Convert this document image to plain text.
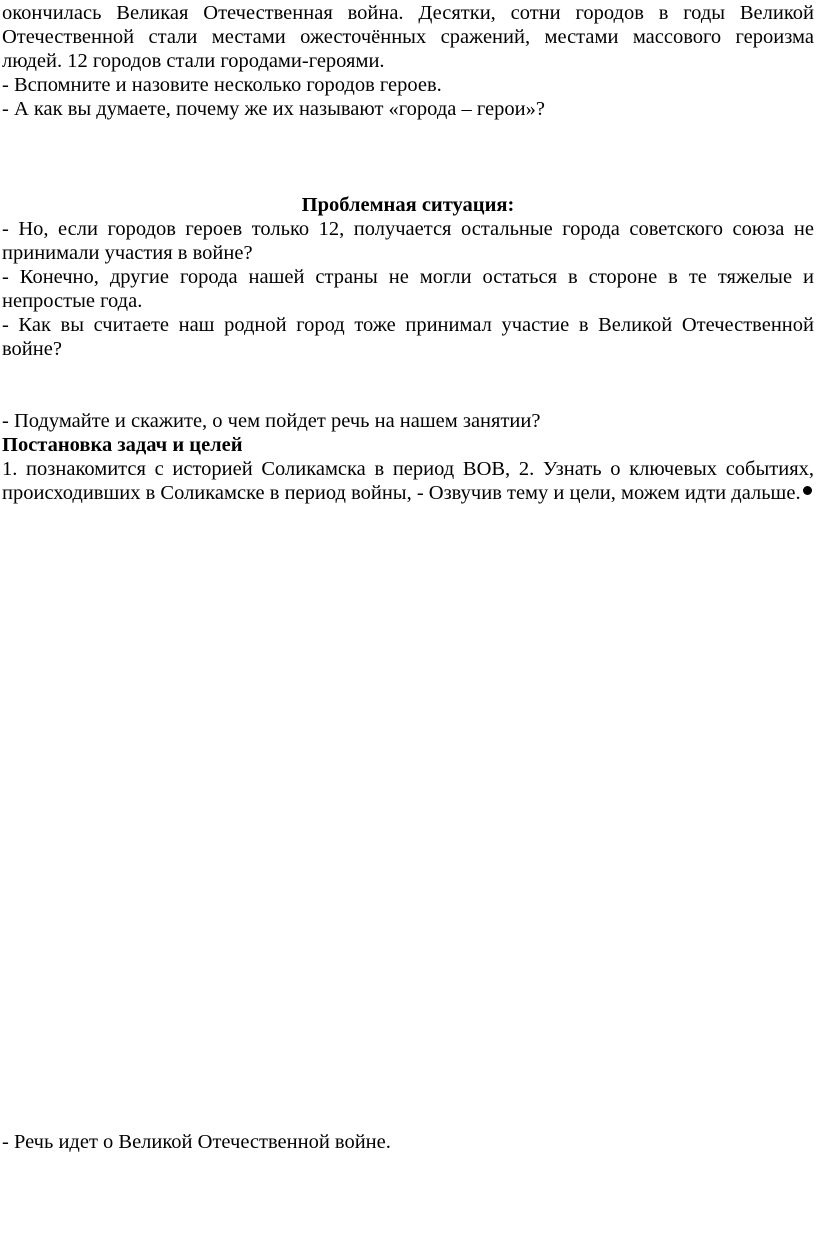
окончилась Великая Отечественная война. Десятки, сотни городов в годы Великой Отечественной стали местами ожесточённых сражений, местами массового героизма людей. 12 городов стали городами-героями.

- Вспомните и назовите несколько городов героев.

- А как вы думаете, почему же их называют «города – герои»?

Проблемная ситуация:

- Но, если городов героев только 12, получается остальные города советского союза не принимали участия в войне?

- Конечно, другие города нашей страны не могли остаться в стороне в те тяжелые и непростые года.

- Как вы считаете наш родной город тоже принимал участие в Великой Отечественной войне?

- Подумайте и скажите, о чем пойдет речь на нашем занятии?

Постановка задач и целей

1. познакомится с историей Соликамска в период ВОВ, 2. Узнать о ключевых событиях, происходивших в Соликамске в период войны, - Озвучив тему и цели, можем идти дальше.

- Речь идет о Великой Отечественной войне.
